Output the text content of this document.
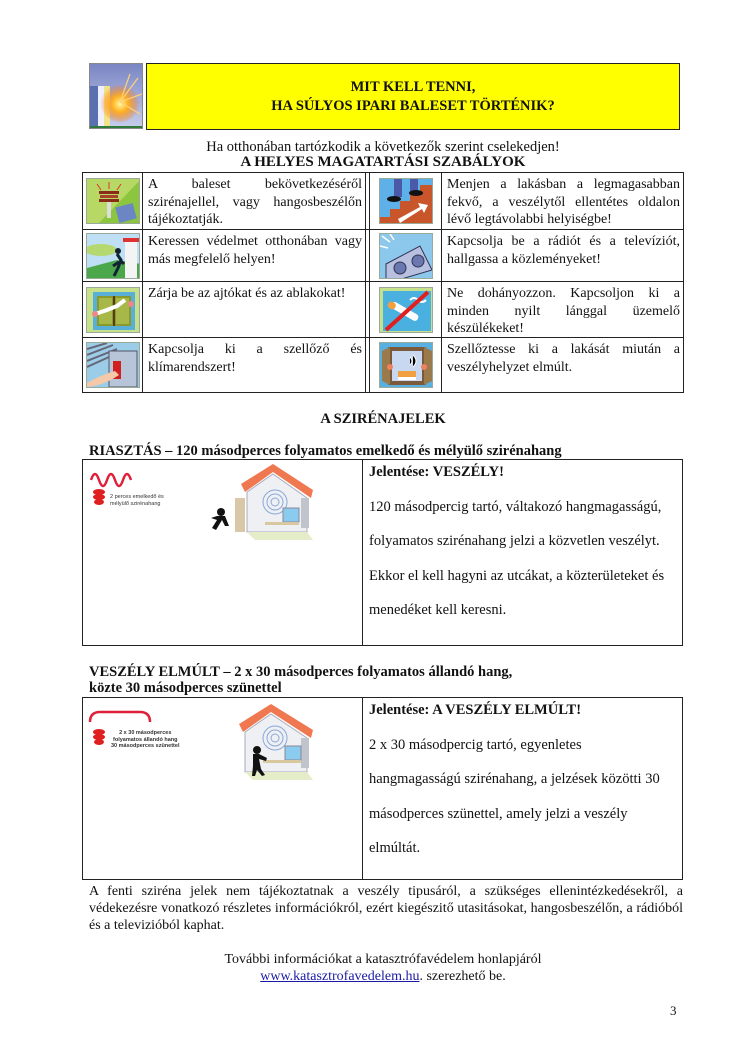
MIT KELL TENNI,
HA SÚLYOS IPARI BALESET TÖRTÉNIK?
Ha otthonában tartózkodik a következők szerint cselekedjen!
A HELYES MAGATARTÁSI SZABÁLYOK
A baleset bekövetkezéséről szirénajellel, vagy hangosbeszélőn tájékoztatják.
Menjen a lakásban a legmagasabban fekvő, a veszélytől ellentétes oldalon lévő legtávolabbi helyiségbe!
Keressen védelmet otthonában vagy más megfelelő helyen!
Kapcsolja be a rádiót és a televíziót, hallgassa a közleményeket!
Zárja be az ajtókat és az ablakokat!	Ne dohányozzon. Kapcsoljon ki a minden nyilt lánggal üzemelő készülékeket!
Kapcsolja ki a szellőző és klímarendszert!
Szellőztesse ki a lakását miután a veszélyhelyzet elmúlt.
A SZIRÉNAJELEK
RIASZTÁS – 120 másodperces folyamatos emelkedő és mélyülő szirénahang
2 perces emelkedő és
mélyülő szirénahang
Jelentése: VESZÉLY!

120 másodpercig tartó, váltakozó hangmagasságú,

folyamatos szirénahang jelzi a közvetlen veszélyt.

Ekkor el kell hagyni az utcákat, a közterületeket és

menedéket kell keresni.

VESZÉLY ELMÚLT – 2 x 30 másodperces folyamatos állandó hang,
közte 30 másodperces szünettel
2 x 30 másodperces
folyamatos állandó hang
30 másodperces szünettel
Jelentése: A VESZÉLY ELMÚLT!

2 x 30 másodpercig tartó, egyenletes

hangmagasságú szirénahang, a jelzések közötti 30

másodperces szünettel, amely jelzi a veszély

elmúltát.

A fenti sziréna jelek nem tájékoztatnak a veszély tipusáról, a szükséges ellenintézkedésekről, a védekezésre vonatkozó részletes információkról, ezért kiegészitő utasitásokat, hangosbeszélőn, a rádióból és a televizióból kaphat.
További információkat a katasztrófavédelem honlapjáról
www.katasztrofavedelem.hu. szerezhető be.
3
